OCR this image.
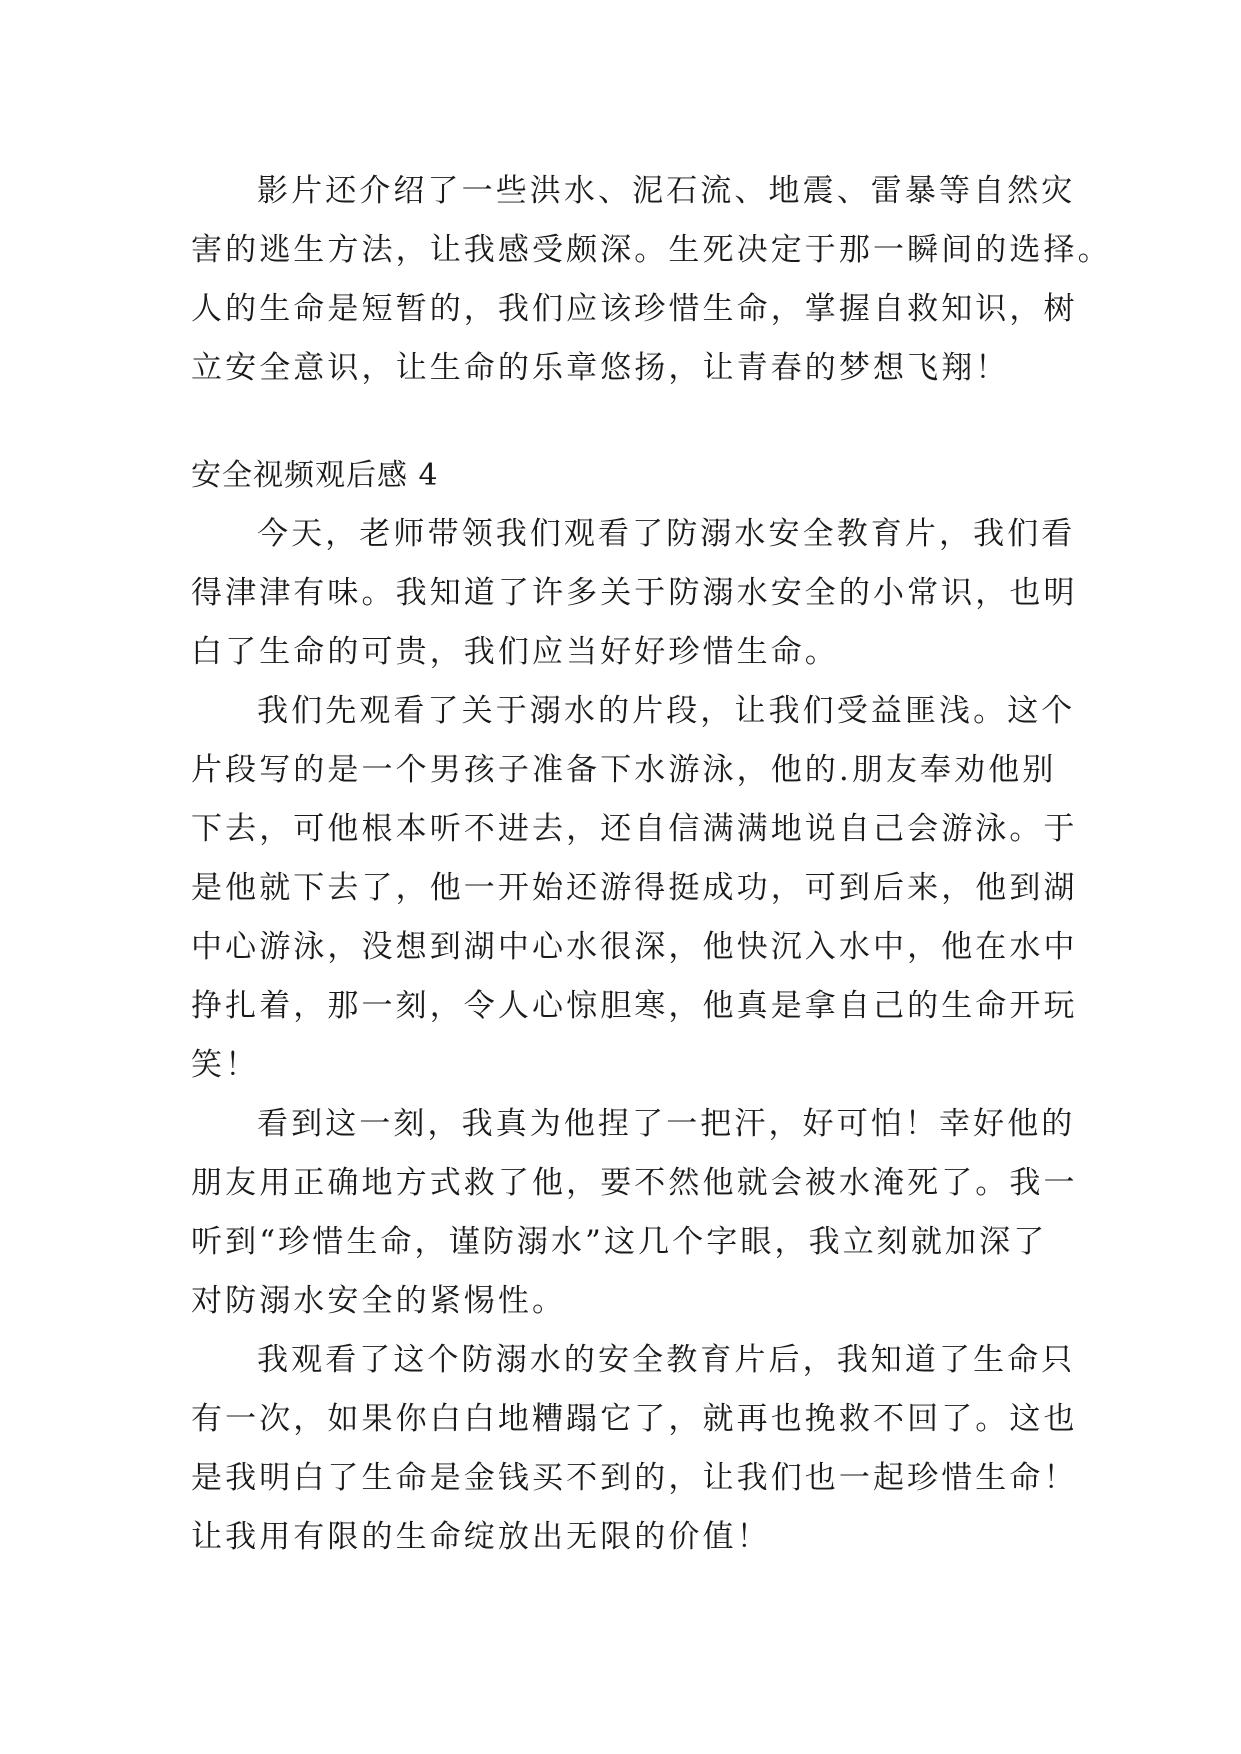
影片还介绍了一些洪水、泥石流、地震、雷暴等自然灾
害的逃生方法，让我感受颇深。生死决定于那一瞬间的选择。
人的生命是短暂的，我们应该珍惜生命，掌握自救知识，树
立安全意识，让生命的乐章悠扬，让青春的梦想飞翔！
安全视频观后感 4
今天，老师带领我们观看了防溺水安全教育片，我们看
得津津有味。我知道了许多关于防溺水安全的小常识，也明
白了生命的可贵，我们应当好好珍惜生命。
我们先观看了关于溺水的片段，让我们受益匪浅。这个
片段写的是一个男孩子准备下水游泳，他的.朋友奉劝他别
下去，可他根本听不进去，还自信满满地说自己会游泳。于
是他就下去了，他一开始还游得挺成功，可到后来，他到湖
中心游泳，没想到湖中心水很深，他快沉入水中，他在水中
挣扎着，那一刻，令人心惊胆寒，他真是拿自己的生命开玩
笑！
看到这一刻，我真为他捏了一把汗，好可怕！幸好他的
朋友用正确地方式救了他，要不然他就会被水淹死了。我一
听到“珍惜生命，谨防溺水”这几个字眼，我立刻就加深了
对防溺水安全的紧惕性。
我观看了这个防溺水的安全教育片后，我知道了生命只
有一次，如果你白白地糟蹋它了，就再也挽救不回了。这也
是我明白了生命是金钱买不到的，让我们也一起珍惜生命！
让我用有限的生命绽放出无限的价值！
